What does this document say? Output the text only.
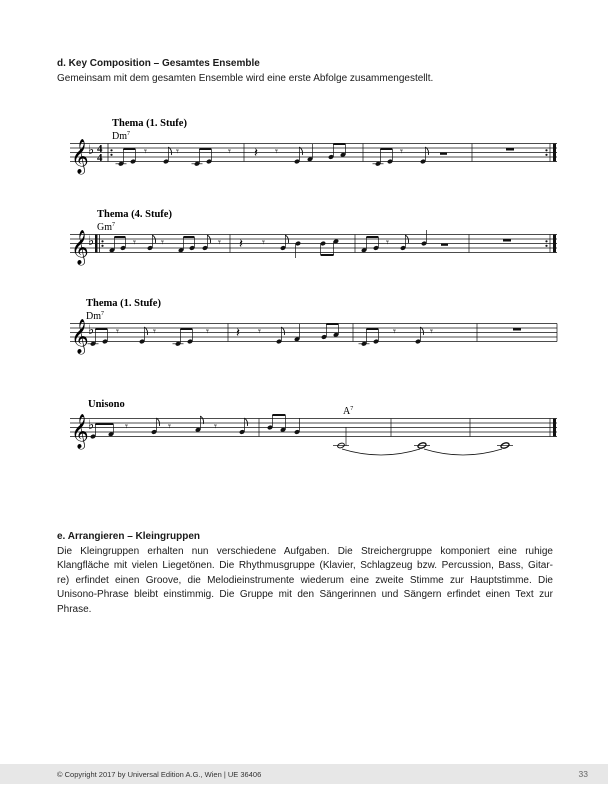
d. Key Composition – Gesamtes Ensemble

Gemeinsam mit dem gesamten Ensemble wird eine erste Abfolge zusammengestellt.

𝄞 ♭ 4
4
Thema (1. Stufe)
Dm$^7$
𝄾	𝄾	𝄾 𝄽 𝄾	𝄾
𝄞 ♭
Thema (4. Stufe)
Gm$^7$
𝄾 𝄾	𝄾 𝄽 𝄾	𝄾
𝄞 ♭
Thema (1. Stufe)
Dm$^7$
𝄾	𝄾	𝄾 𝄽 𝄾	𝄾	𝄾
𝄞 ♭
Unisono
$A^7$
𝄾	𝄾	𝄾
e. Arrangieren – Kleingruppen
Die Kleingruppen erhalten nun verschiedene Aufgaben. Die Streichergruppe komponiert eine ruhige
Klangfläche mit vielen Liegetönen. Die Rhythmusgruppe (Klavier, Schlagzeug bzw. Percussion, Bass, Gitar-
re) erfindet einen Groove, die Melodieinstrumente wiederum eine zweite Stimme zur Hauptstimme. Die
Unisono-Phrase bleibt einstimmig. Die Gruppe mit den Sängerinnen und Sängern erfindet einen Text zur
Phrase.
© Copyright 2017 by Universal Edition A.G., Wien | UE 36406	33
